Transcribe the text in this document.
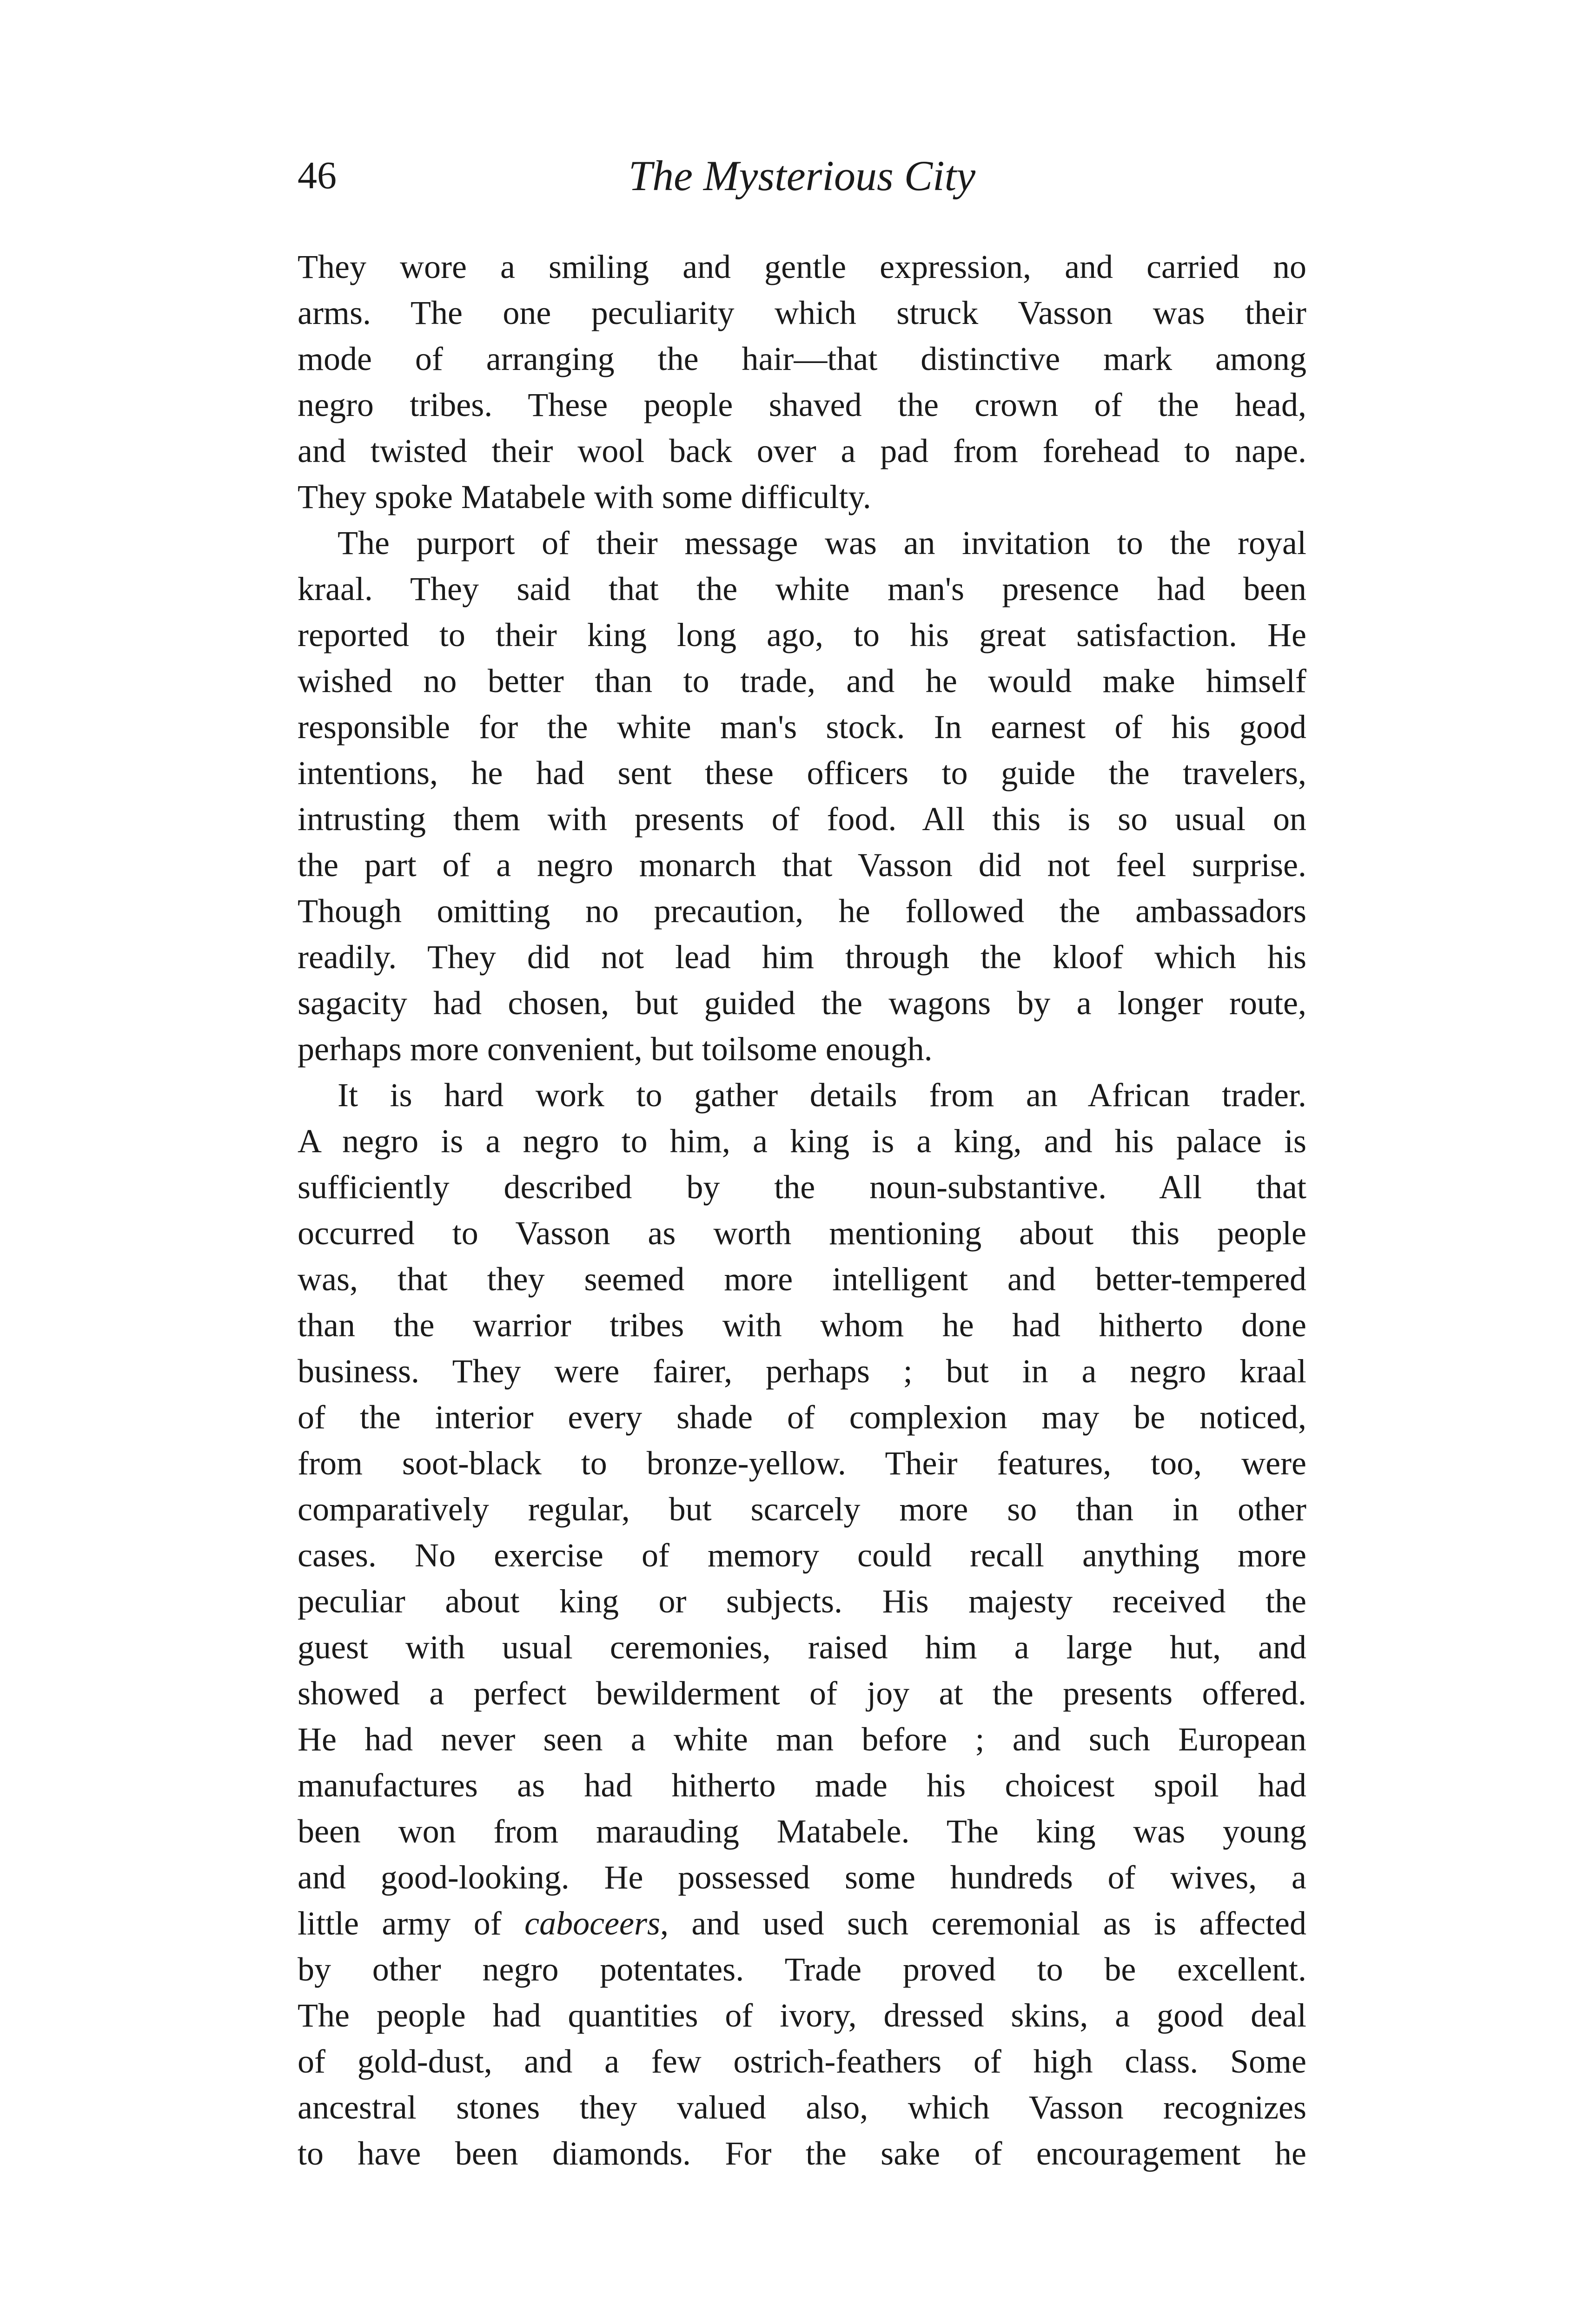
46	The Mysterious City
They wore a smiling and gentle expression, and carried no
arms. The one peculiarity which struck Vasson was their
mode of arranging the hair—that distinctive mark among
negro tribes. These people shaved the crown of the head,
and twisted their wool back over a pad from forehead to nape.
They spoke Matabele with some difficulty.
The purport of their message was an invitation to the royal
kraal. They said that the white man's presence had been
reported to their king long ago, to his great satisfaction. He
wished no better than to trade, and he would make himself
responsible for the white man's stock. In earnest of his good
intentions, he had sent these officers to guide the travelers,
intrusting them with presents of food. All this is so usual on
the part of a negro monarch that Vasson did not feel surprise.
Though omitting no precaution, he followed the ambassadors
readily. They did not lead him through the kloof which his
sagacity had chosen, but guided the wagons by a longer route,
perhaps more convenient, but toilsome enough.
It is hard work to gather details from an African trader.
A negro is a negro to him, a king is a king, and his palace is
sufficiently described by the noun-substantive. All that
occurred to Vasson as worth mentioning about this people
was, that they seemed more intelligent and better-tempered
than the warrior tribes with whom he had hitherto done
business. They were fairer, perhaps ; but in a negro kraal
of the interior every shade of complexion may be noticed,
from soot-black to bronze-yellow. Their features, too, were
comparatively regular, but scarcely more so than in other
cases. No exercise of memory could recall anything more
peculiar about king or subjects. His majesty received the
guest with usual ceremonies, raised him a large hut, and
showed a perfect bewilderment of joy at the presents offered.
He had never seen a white man before ; and such European
manufactures as had hitherto made his choicest spoil had
been won from marauding Matabele. The king was young
and good-looking. He possessed some hundreds of wives, a
little army of caboceers, and used such ceremonial as is affected
by other negro potentates. Trade proved to be excellent.
The people had quantities of ivory, dressed skins, a good deal
of gold-dust, and a few ostrich-feathers of high class. Some
ancestral stones they valued also, which Vasson recognizes
to have been diamonds. For the sake of encouragement he
